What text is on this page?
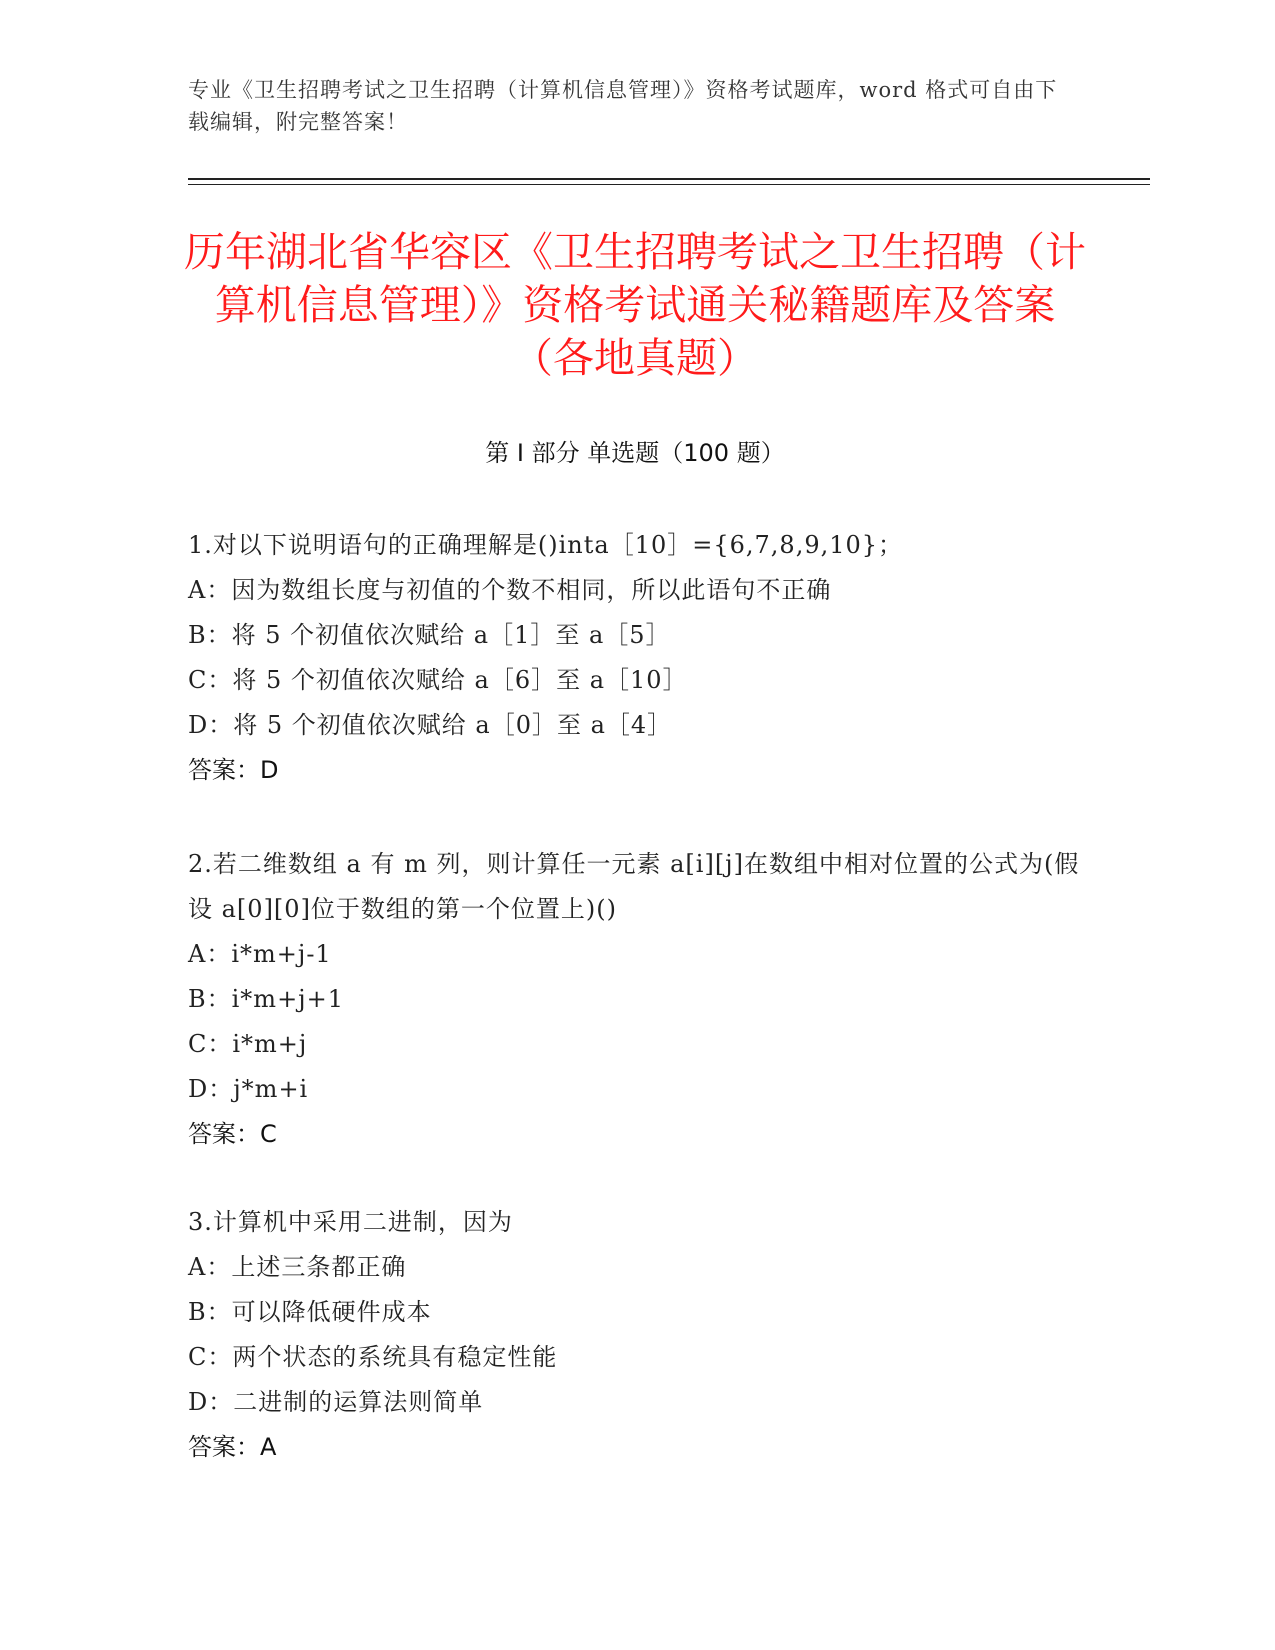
专业《卫生招聘考试之卫生招聘（计算机信息管理）》资格考试题库，word 格式可自由下载编辑，附完整答案！
历年湖北省华容区《卫生招聘考试之卫生招聘（计算机信息管理）》资格考试通关秘籍题库及答案（各地真题）
第 I 部分 单选题（100 题）
1.对以下说明语句的正确理解是()inta［10］={6,7,8,9,10}；
A：因为数组长度与初值的个数不相同，所以此语句不正确
B：将 5 个初值依次赋给 a［1］至 a［5］
C：将 5 个初值依次赋给 a［6］至 a［10］
D：将 5 个初值依次赋给 a［0］至 a［4］
答案：D
2.若二维数组 a 有 m 列，则计算任一元素 a[i][j]在数组中相对位置的公式为(假设 a[0][0]位于数组的第一个位置上)()
A：i*m+j-1
B：i*m+j+1
C：i*m+j
D：j*m+i
答案：C
3.计算机中采用二进制，因为
A：上述三条都正确
B：可以降低硬件成本
C：两个状态的系统具有稳定性能
D：二进制的运算法则简单
答案：A
